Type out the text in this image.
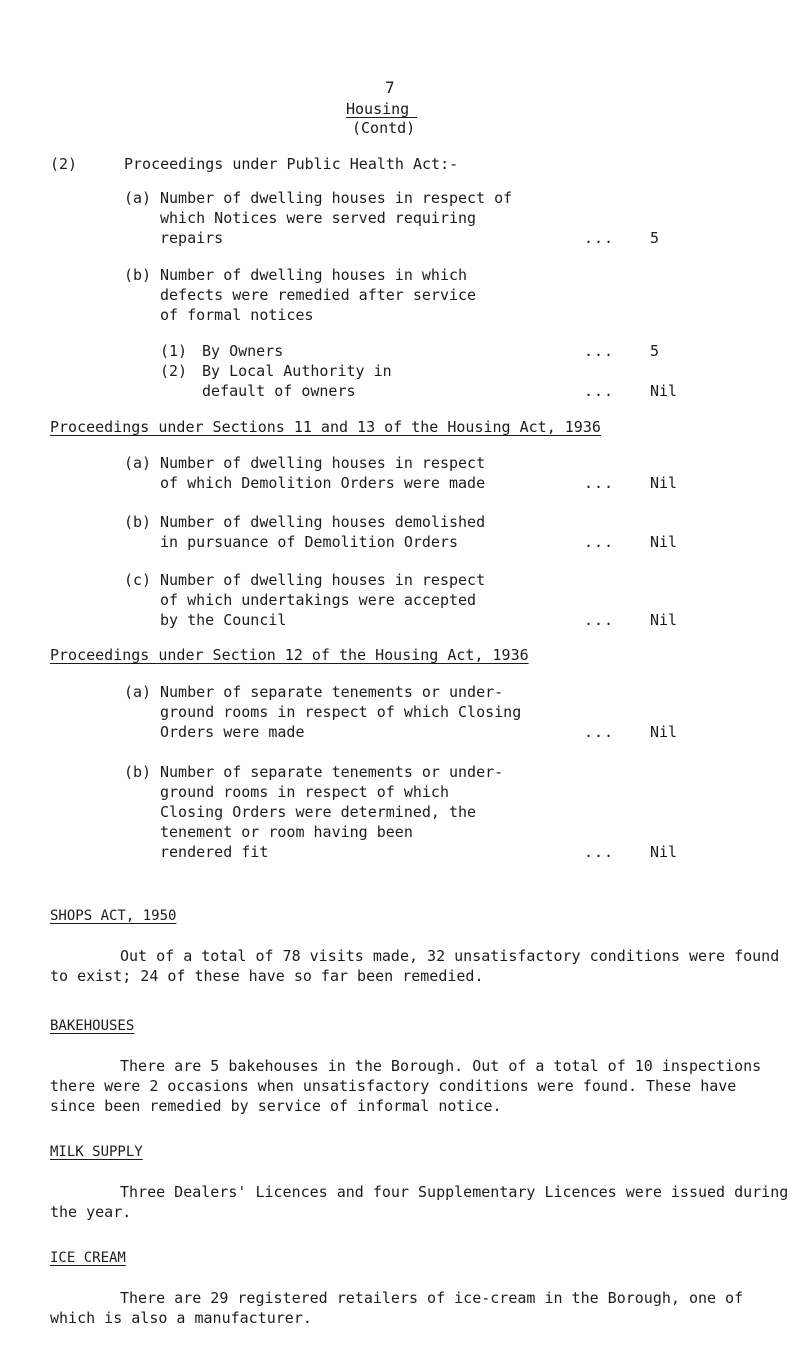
7
Housing
(Contd)
(2)	Proceedings under Public Health Act:-
(a) Number of dwelling houses in respect of
which Notices were served requiring
repairs	... 5
(b) Number of dwelling houses in which
defects were remedied after service
of formal notices
(1) By Owners	... 5
(2) By Local Authority in
default of owners	... Nil
Proceedings under Sections 11 and 13 of the Housing Act, 1936
(a) Number of dwelling houses in respect
of which Demolition Orders were made	... Nil
(b) Number of dwelling houses demolished
in pursuance of Demolition Orders	... Nil
(c) Number of dwelling houses in respect
of which undertakings were accepted
by the Council	... Nil
Proceedings under Section 12 of the Housing Act, 1936
(a) Number of separate tenements or under-
ground rooms in respect of which Closing
Orders were made	... Nil
(b) Number of separate tenements or under-
ground rooms in respect of which
Closing Orders were determined, the
tenement or room having been
rendered fit	... Nil
SHOPS ACT, 1950
Out of a total of 78 visits made, 32 unsatisfactory conditions were found to exist; 24 of these have so far been remedied.
BAKEHOUSES
There are 5 bakehouses in the Borough. Out of a total of 10 inspections there were 2 occasions when unsatisfactory conditions were found. These have since been remedied by service of informal notice.
MILK SUPPLY
Three Dealers' Licences and four Supplementary Licences were issued during the year.
ICE CREAM
There are 29 registered retailers of ice-cream in the Borough, one of which is also a manufacturer.
